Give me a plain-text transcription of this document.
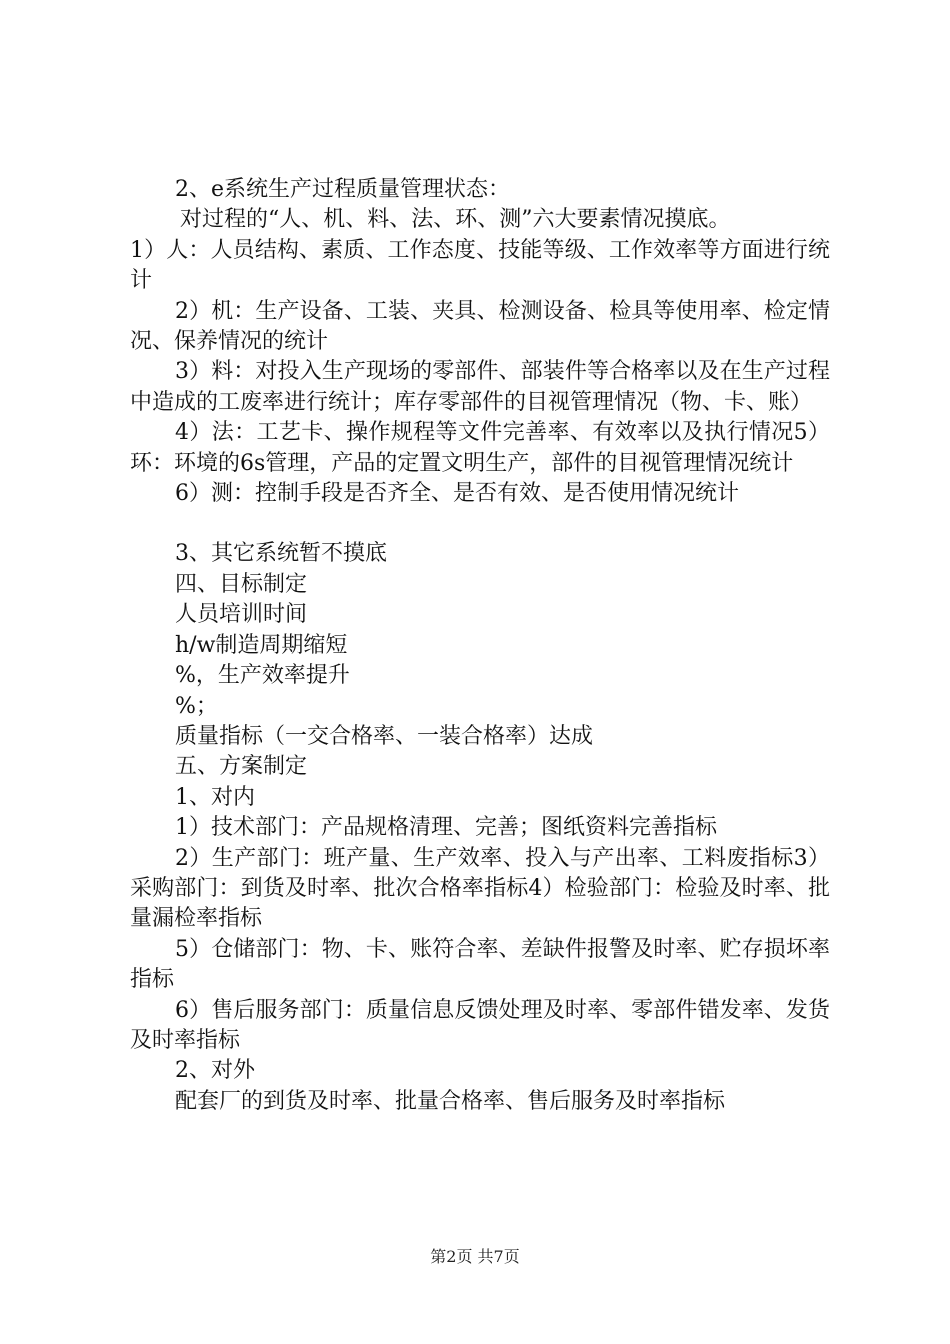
2、e系统生产过程质量管理状态：

对过程的“人、机、料、法、环、测”六大要素情况摸底。

1）人：人员结构、素质、工作态度、技能等级、工作效率等方面进行统计

2）机：生产设备、工装、夹具、检测设备、检具等使用率、检定情况、保养情况的统计

3）料：对投入生产现场的零部件、部装件等合格率以及在生产过程中造成的工废率进行统计；库存零部件的目视管理情况（物、卡、账）

4）法：工艺卡、操作规程等文件完善率、有效率以及执行情况5）环：环境的6s管理，产品的定置文明生产，部件的目视管理情况统计

6）测：控制手段是否齐全、是否有效、是否使用情况统计

3、其它系统暂不摸底

四、目标制定

人员培训时间

h/w制造周期缩短

%，生产效率提升

%；

质量指标（一交合格率、一装合格率）达成

五、方案制定

1、对内

1）技术部门：产品规格清理、完善；图纸资料完善指标

2）生产部门：班产量、生产效率、投入与产出率、工料废指标3）采购部门：到货及时率、批次合格率指标4）检验部门：检验及时率、批量漏检率指标

5）仓储部门：物、卡、账符合率、差缺件报警及时率、贮存损坏率指标

6）售后服务部门：质量信息反馈处理及时率、零部件错发率、发货及时率指标

2、对外

配套厂的到货及时率、批量合格率、售后服务及时率指标

第2页 共7页
